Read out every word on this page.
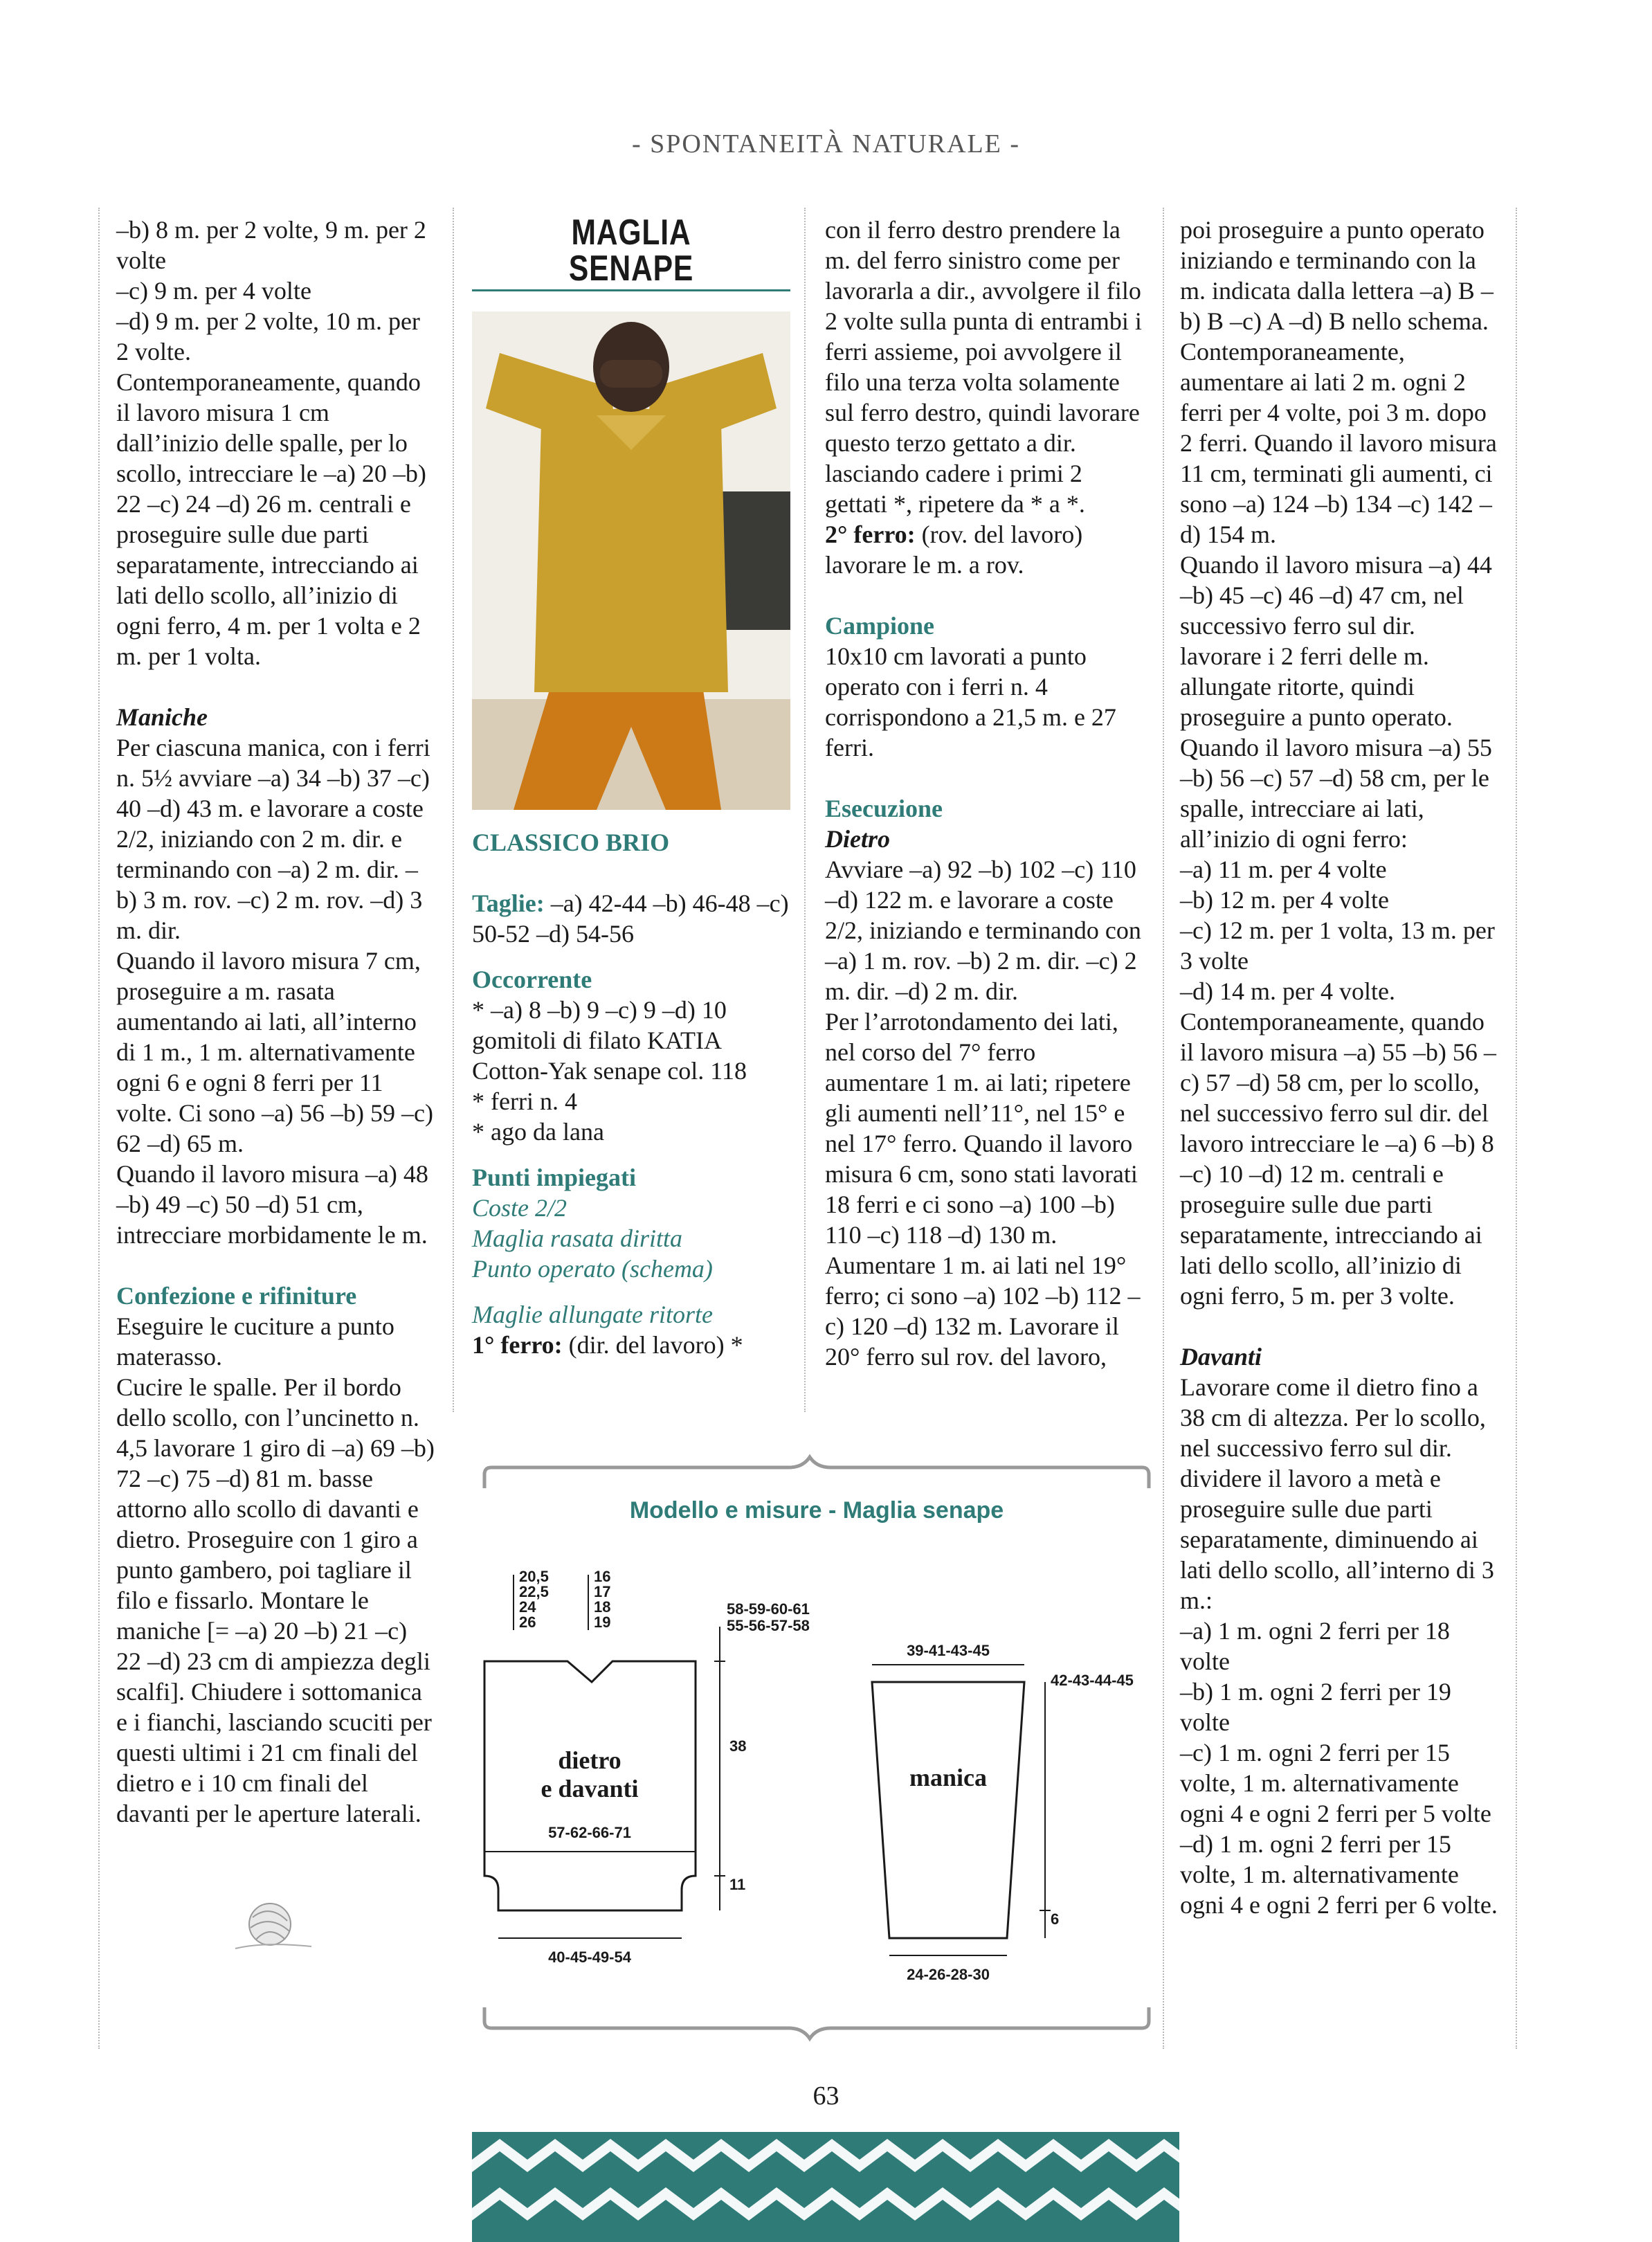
- SPONTANEITÀ NATURALE -

–b) 8 m. per 2 volte, 9 m. per 2 volte

–c) 9 m. per 4 volte

–d) 9 m. per 2 volte, 10 m. per 2 volte.

Contemporaneamente, quando il lavoro misura 1 cm dall’inizio delle spalle, per lo scollo, intrecciare le –a) 20 –b) 22 –c) 24 –d) 26 m. centrali e proseguire sulle due parti separatamente, intrecciando ai lati dello scollo, all’inizio di ogni ferro, 4 m. per 1 volta e 2 m. per 1 volta.

Maniche

Per ciascuna manica, con i ferri n. 5½ avviare –a) 34 –b) 37 –c) 40 –d) 43 m. e lavorare a coste 2/2, iniziando con 2 m. dir. e terminando con –a) 2 m. dir. –b) 3 m. rov. –c) 2 m. rov. –d) 3 m. dir.

Quando il lavoro misura 7 cm, proseguire a m. rasata aumentando ai lati, all’interno di 1 m., 1 m. alternativamente ogni 6 e ogni 8 ferri per 11 volte. Ci sono –a) 56 –b) 59 –c) 62 –d) 65 m.

Quando il lavoro misura –a) 48 –b) 49 –c) 50 –d) 51 cm, intrecciare morbidamente le m.

Confezione e rifiniture

Eseguire le cuciture a punto materasso.

Cucire le spalle. Per il bordo dello scollo, con l’uncinetto n. 4,5 lavorare 1 giro di –a) 69 –b) 72 –c) 75 –d) 81 m. basse attorno allo scollo di davanti e dietro. Proseguire con 1 giro a punto gambero, poi tagliare il filo e fissarlo. Montare le maniche [= –a) 20 –b) 21 –c) 22 –d) 23 cm di ampiezza degli scalfi]. Chiudere i sottomanica e i fianchi, lasciando scuciti per questi ultimi i 21 cm finali del dietro e i 10 cm finali del davanti per le aperture laterali.

MAGLIA
SENAPE

CLASSICO BRIO

Taglie: –a) 42-44 –b) 46-48 –c) 50-52 –d) 54-56

Occorrente

* –a) 8 –b) 9 –c) 9 –d) 10 gomitoli di filato KATIA Cotton-Yak senape col. 118

* ferri n. 4

* ago da lana

Punti impiegati

Coste 2/2

Maglia rasata diritta

Punto operato (schema)

Maglie allungate ritorte

1° ferro: (dir. del lavoro) *

con il ferro destro prendere la m. del ferro sinistro come per lavorarla a dir., avvolgere il filo 2 volte sulla punta di entrambi i ferri assieme, poi avvolgere il filo una terza volta solamente sul ferro destro, quindi lavorare questo terzo gettato a dir. lasciando cadere i primi 2 gettati *, ripetere da * a *.

2° ferro: (rov. del lavoro) lavorare le m. a rov.

Campione

10x10 cm lavorati a punto operato con i ferri n. 4 corrispondono a 21,5 m. e 27 ferri.

Esecuzione

Dietro

Avviare –a) 92 –b) 102 –c) 110 –d) 122 m. e lavorare a coste 2/2, iniziando e terminando con –a) 1 m. rov. –b) 2 m. dir. –c) 2 m. dir. –d) 2 m. dir.

Per l’arrotondamento dei lati, nel corso del 7° ferro aumentare 1 m. ai lati; ripetere gli aumenti nell’11°, nel 15° e nel 17° ferro. Quando il lavoro misura 6 cm, sono stati lavorati 18 ferri e ci sono –a) 100 –b) 110 –c) 118 –d) 130 m. Aumentare 1 m. ai lati nel 19° ferro; ci sono –a) 102 –b) 112 –c) 120 –d) 132 m. Lavorare il 20° ferro sul rov. del lavoro,

poi proseguire a punto operato iniziando e terminando con la m. indicata dalla lettera –a) B –b) B –c) A –d) B nello schema.

Contemporaneamente, aumentare ai lati 2 m. ogni 2 ferri per 4 volte, poi 3 m. dopo 2 ferri. Quando il lavoro misura 11 cm, terminati gli aumenti, ci sono –a) 124 –b) 134 –c) 142 –d) 154 m.

Quando il lavoro misura –a) 44 –b) 45 –c) 46 –d) 47 cm, nel successivo ferro sul dir. lavorare i 2 ferri delle m. allungate ritorte, quindi proseguire a punto operato.

Quando il lavoro misura –a) 55 –b) 56 –c) 57 –d) 58 cm, per le spalle, intrecciare ai lati, all’inizio di ogni ferro:

–a) 11 m. per 4 volte

–b) 12 m. per 4 volte

–c) 12 m. per 1 volta, 13 m. per 3 volte

–d) 14 m. per 4 volte.

Contemporaneamente, quando il lavoro misura –a) 55 –b) 56 –c) 57 –d) 58 cm, per lo scollo, nel successivo ferro sul dir. del lavoro intrecciare le –a) 6 –b) 8 –c) 10 –d) 12 m. centrali e proseguire sulle due parti separatamente, intrecciando ai lati dello scollo, all’inizio di ogni ferro, 5 m. per 3 volte.

Davanti

Lavorare come il dietro fino a 38 cm di altezza. Per lo scollo, nel successivo ferro sul dir. dividere il lavoro a metà e proseguire sulle due parti separatamente, diminuendo ai lati dello scollo, all’interno di 3 m.:

–a) 1 m. ogni 2 ferri per 18 volte

–b) 1 m. ogni 2 ferri per 19 volte

–c) 1 m. ogni 2 ferri per 15 volte, 1 m. alternativamente ogni 4 e ogni 2 ferri per 5 volte

–d) 1 m. ogni 2 ferri per 15 volte, 1 m. alternativamente ogni 4 e ogni 2 ferri per 6 volte.

Modello e misure - Maglia senape
20,5
22,5
24
26
16
17
18
19
dietro
e davanti
57-62-66-71
40-45-49-54
58-59-60-61
55-56-57-58
38
11
39-41-43-45
manica
24-26-28-30
42-43-44-45
6
63
